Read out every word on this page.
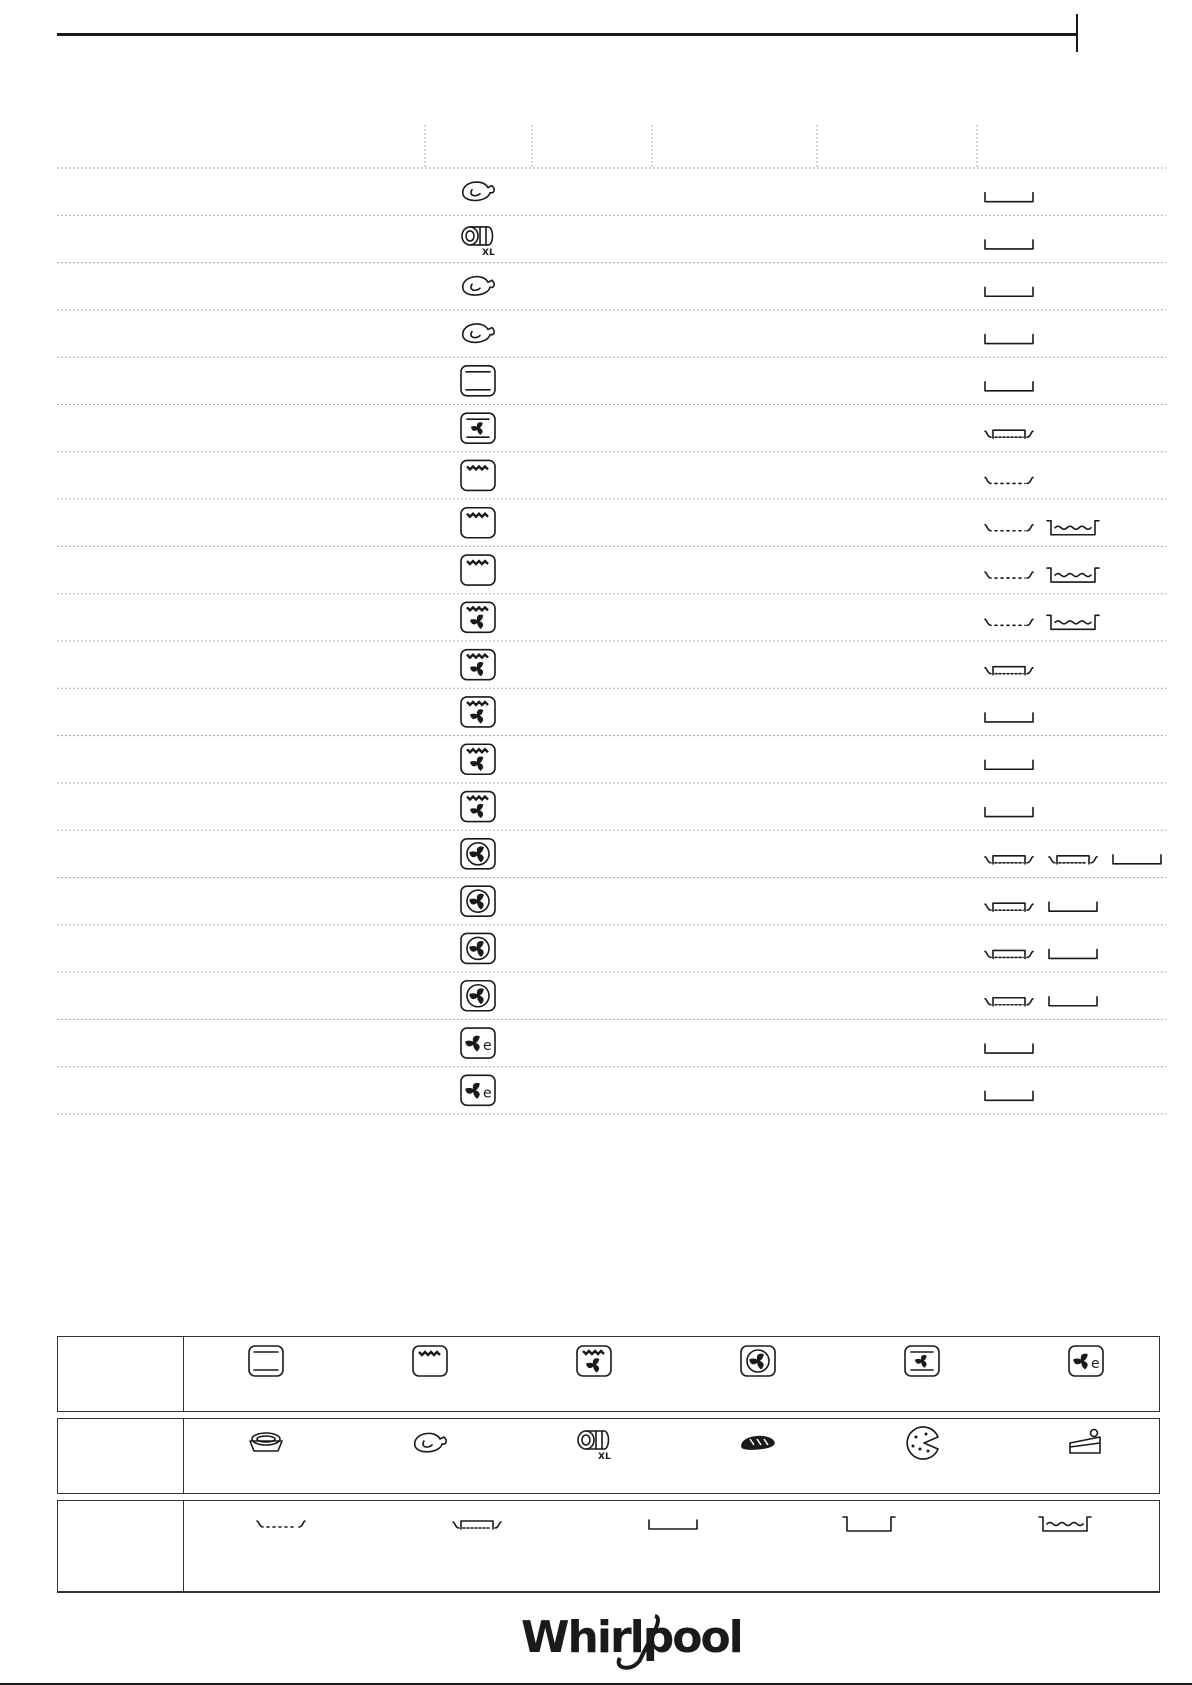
XL
e
e
e
XL
Whirlpool
